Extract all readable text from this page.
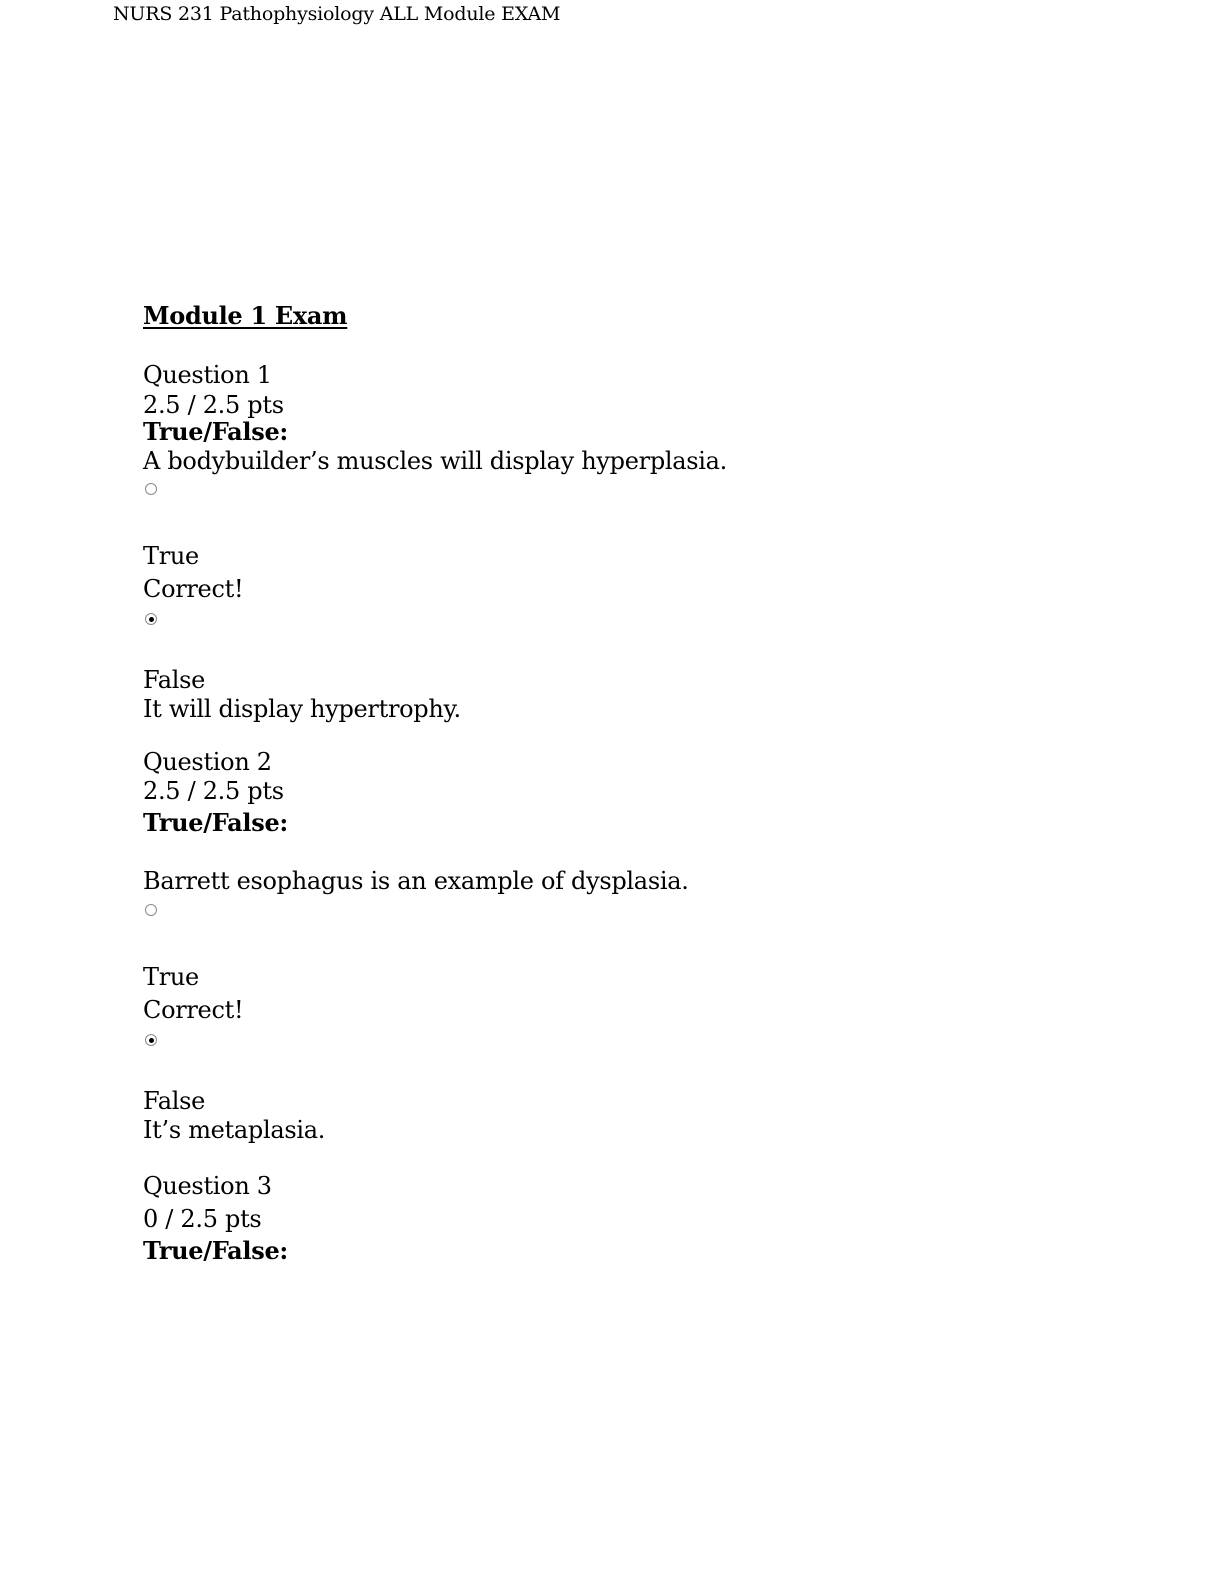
NURS 231 Pathophysiology ALL Module EXAM
Module 1 Exam
Question 1
2.5 / 2.5 pts
True/False:
A bodybuilder’s muscles will display hyperplasia.
True
Correct!
False
It will display hypertrophy.
Question 2
2.5 / 2.5 pts
True/False:
Barrett esophagus is an example of dysplasia.
True
Correct!
False
It’s metaplasia.
Question 3
0 / 2.5 pts
True/False:
